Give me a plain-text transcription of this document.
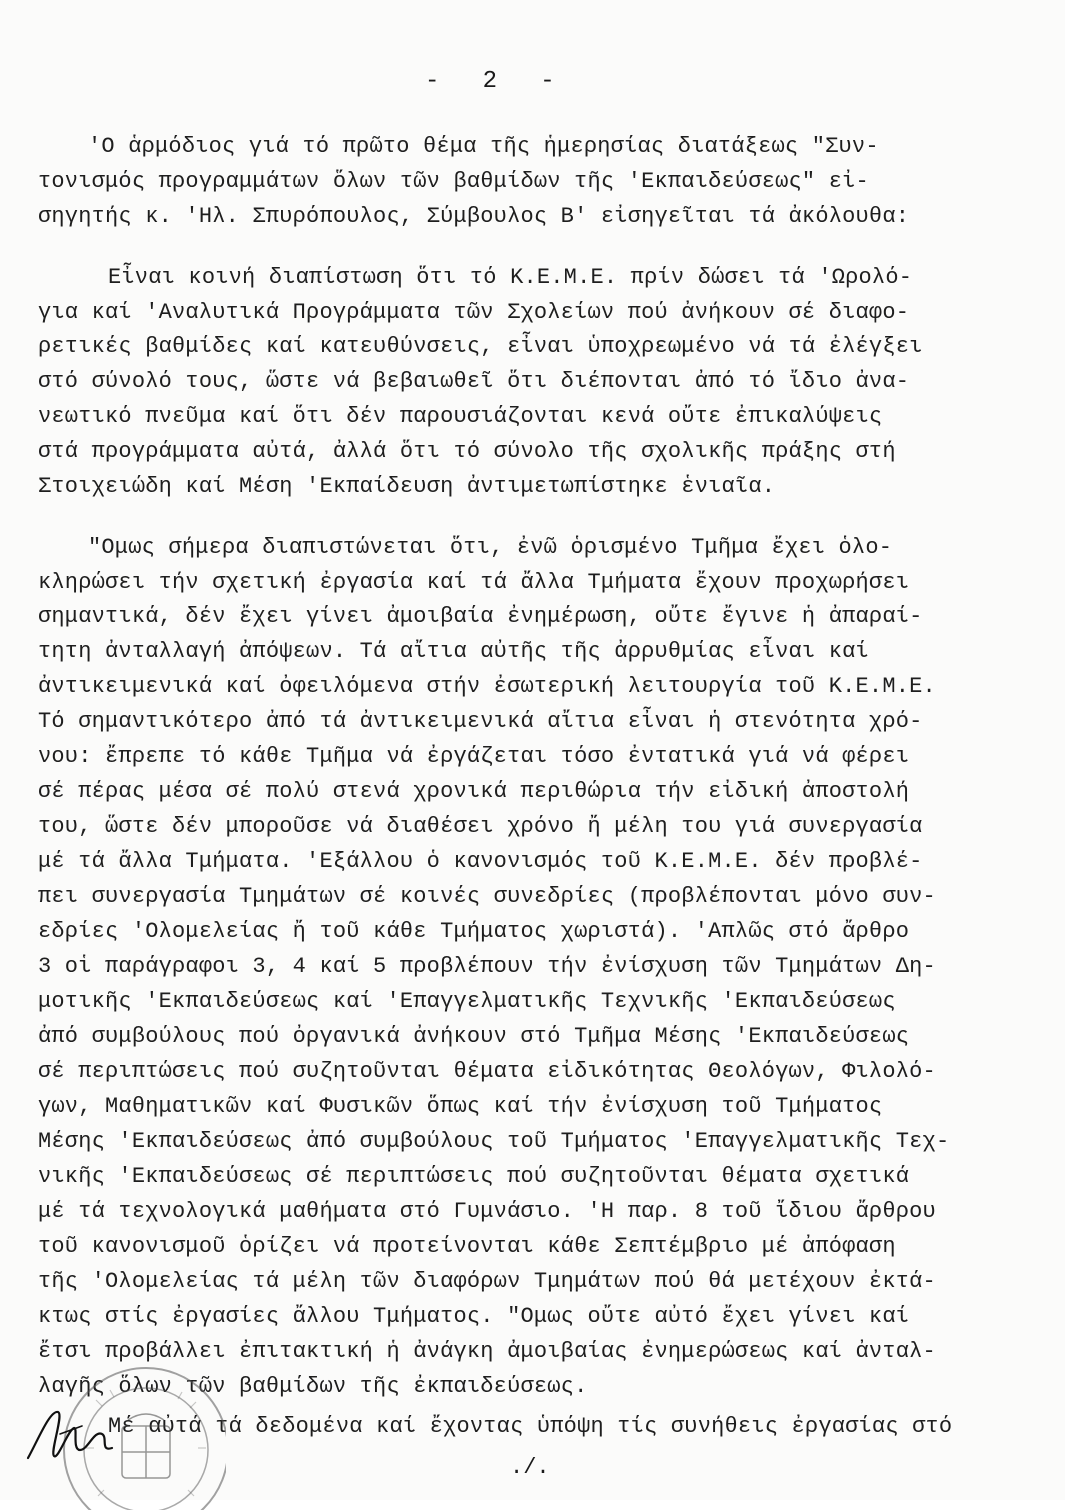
-   2   -
'Ο ἁρμόδιος γιά τό πρῶτο θέμα τῆς ἡμερησίας διατάξεως "Συν-
τονισμός προγραμμάτων ὅλων τῶν βαθμίδων τῆς 'Εκπαιδεύσεως" εἰ-
σηγητής κ. 'Ηλ. Σπυρόπουλος, Σύμβουλος Β' εἰσηγεῖται τά ἀκόλουθα:
Εἶναι κοινή διαπίστωση ὅτι τό Κ.Ε.Μ.Ε. πρίν δώσει τά 'Ωρολό-
για καί 'Αναλυτικά Προγράμματα τῶν Σχολείων πού ἀνήκουν σέ διαφο-
ρετικές βαθμίδες καί κατευθύνσεις, εἶναι ὑποχρεωμένο νά τά ἐλέγξει
στό σύνολό τους, ὥστε νά βεβαιωθεῖ ὅτι διέπονται ἀπό τό ἴδιο ἀνα-
νεωτικό πνεῦμα καί ὅτι δέν παρουσιάζονται κενά οὔτε ἐπικαλύψεις
στά προγράμματα αὐτά, ἀλλά ὅτι τό σύνολο τῆς σχολικῆς πράξης στή
Στοιχειώδη καί Μέση 'Εκπαίδευση ἀντιμετωπίστηκε ἑνιαῖα.
"Ομως σήμερα διαπιστώνεται ὅτι, ἐνῶ ὁρισμένο Τμῆμα ἔχει ὁλο-
κληρώσει τήν σχετική ἐργασία καί τά ἄλλα Τμήματα ἔχουν προχωρήσει
σημαντικά, δέν ἔχει γίνει ἀμοιβαία ἐνημέρωση, οὔτε ἔγινε ἡ ἀπαραί-
τητη ἀνταλλαγή ἀπόψεων. Τά αἴτια αὐτῆς τῆς ἀρρυθμίας εἶναι καί
ἀντικειμενικά καί ὀφειλόμενα στήν ἐσωτερική λειτουργία τοῦ Κ.Ε.Μ.Ε.
Τό σημαντικότερο ἀπό τά ἀντικειμενικά αἴτια εἶναι ἡ στενότητα χρό-
νου: ἔπρεπε τό κάθε Τμῆμα νά ἐργάζεται τόσο ἐντατικά γιά νά φέρει
σέ πέρας μέσα σέ πολύ στενά χρονικά περιθώρια τήν εἰδική ἀποστολή
του, ὥστε δέν μποροῦσε νά διαθέσει χρόνο ἤ μέλη του γιά συνεργασία
μέ τά ἄλλα Τμήματα. 'Εξάλλου ὁ κανονισμός τοῦ Κ.Ε.Μ.Ε. δέν προβλέ-
πει συνεργασία Τμημάτων σέ κοινές συνεδρίες (προβλέπονται μόνο συν-
εδρίες 'Ολομελείας ἤ τοῦ κάθε Τμήματος χωριστά). 'Απλῶς στό ἄρθρο
3 οἱ παράγραφοι 3, 4 καί 5 προβλέπουν τήν ἐνίσχυση τῶν Τμημάτων Δη-
μοτικῆς 'Εκπαιδεύσεως καί 'Επαγγελματικῆς Τεχνικῆς 'Εκπαιδεύσεως
ἀπό συμβούλους πού ὀργανικά ἀνήκουν στό Τμῆμα Μέσης 'Εκπαιδεύσεως
σέ περιπτώσεις πού συζητοῦνται θέματα εἰδικότητας Θεολόγων, Φιλολό-
γων, Μαθηματικῶν καί Φυσικῶν ὅπως καί τήν ἐνίσχυση τοῦ Τμήματος
Μέσης 'Εκπαιδεύσεως ἀπό συμβούλους τοῦ Τμήματος 'Επαγγελματικῆς Τεχ-
νικῆς 'Εκπαιδεύσεως σέ περιπτώσεις πού συζητοῦνται θέματα σχετικά
μέ τά τεχνολογικά μαθήματα στό Γυμνάσιο. 'Η παρ. 8 τοῦ ἴδιου ἄρθρου
τοῦ κανονισμοῦ ὁρίζει νά προτείνονται κάθε Σεπτέμβριο μέ ἀπόφαση
τῆς 'Ολομελείας τά μέλη τῶν διαφόρων Τμημάτων πού θά μετέχουν ἐκτά-
κτως στίς ἐργασίες ἄλλου Τμήματος. "Ομως οὔτε αὐτό ἔχει γίνει καί
ἔτσι προβάλλει ἐπιτακτική ἡ ἀνάγκη ἀμοιβαίας ἐνημερώσεως καί ἀνταλ-
λαγῆς ὅλων τῶν βαθμίδων τῆς ἐκπαιδεύσεως.
Μέ αὐτά τά δεδομένα καί ἔχοντας ὑπόψη τίς συνήθεις ἐργασίας στό
./.
